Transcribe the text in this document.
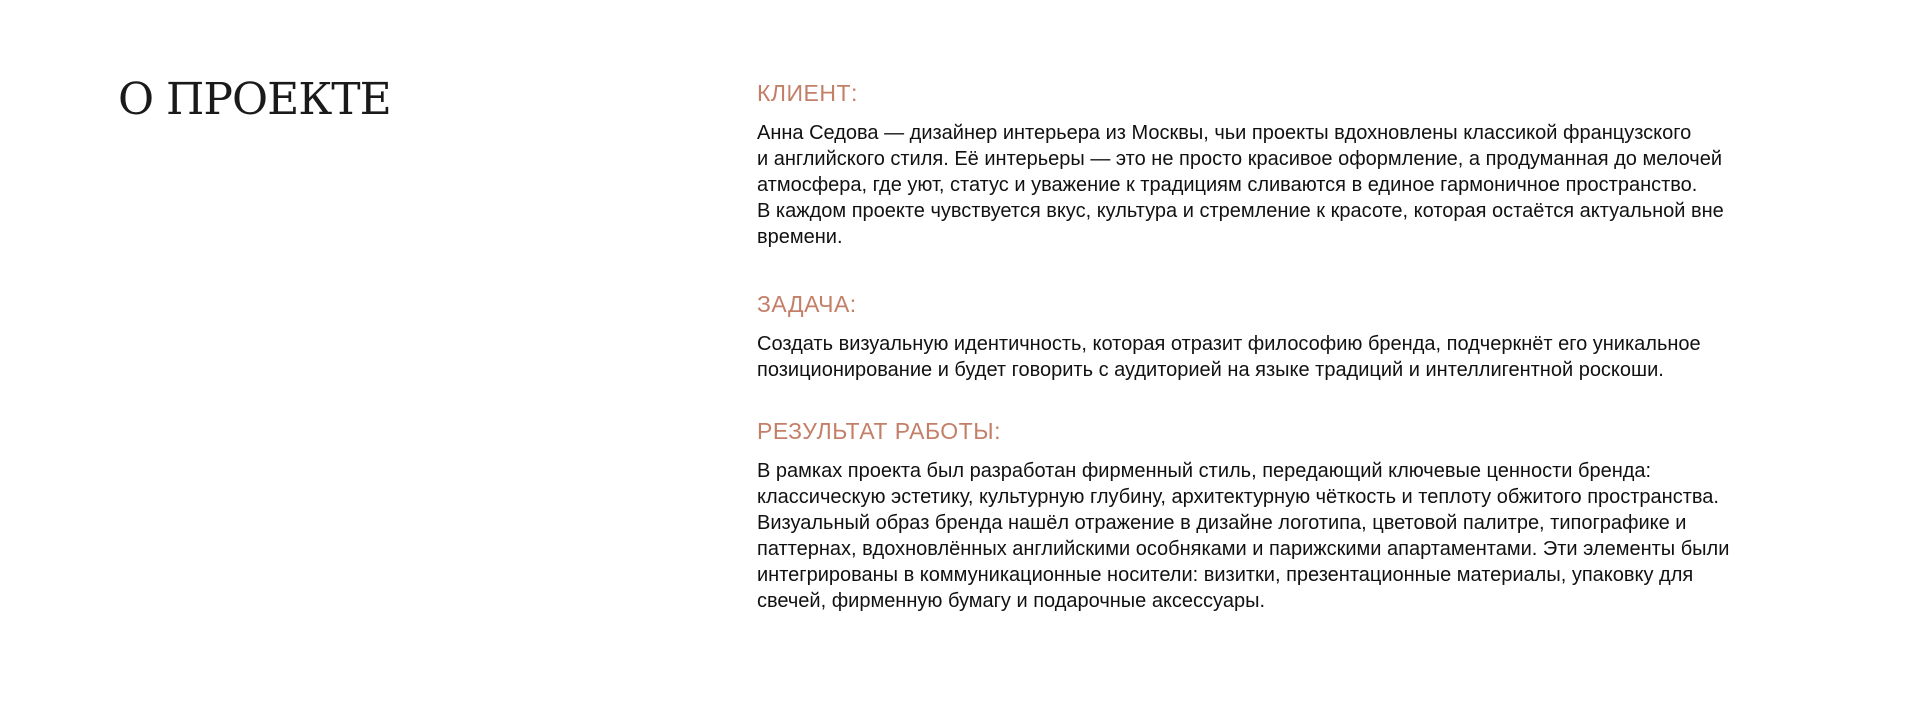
О ПРОЕКТЕ	КЛИЕНТ:

Анна Седова — дизайнер интерьера из Москвы, чьи проекты вдохновлены классикой французского
и английского стиля. Её интерьеры — это не просто красивое оформление, а продуманная до мелочей
атмосфера, где уют, статус и уважение к традициям сливаются в единое гармоничное пространство.
В каждом проекте чувствуется вкус, культура и стремление к красоте, которая остаётся актуальной вне
времени.

ЗАДАЧА:

Создать визуальную идентичность, которая отразит философию бренда, подчеркнёт его уникальное
позиционирование и будет говорить с аудиторией на языке традиций и интеллигентной роскоши.

РЕЗУЛЬТАТ РАБОТЫ:

В рамках проекта был разработан фирменный стиль, передающий ключевые ценности бренда:
классическую эстетику, культурную глубину, архитектурную чёткость и теплоту обжитого пространства.
Визуальный образ бренда нашёл отражение в дизайне логотипа, цветовой палитре, типографике и
паттернах, вдохновлённых английскими особняками и парижскими апартаментами. Эти элементы были
интегрированы в коммуникационные носители: визитки, презентационные материалы, упаковку для
свечей, фирменную бумагу и подарочные аксессуары.
